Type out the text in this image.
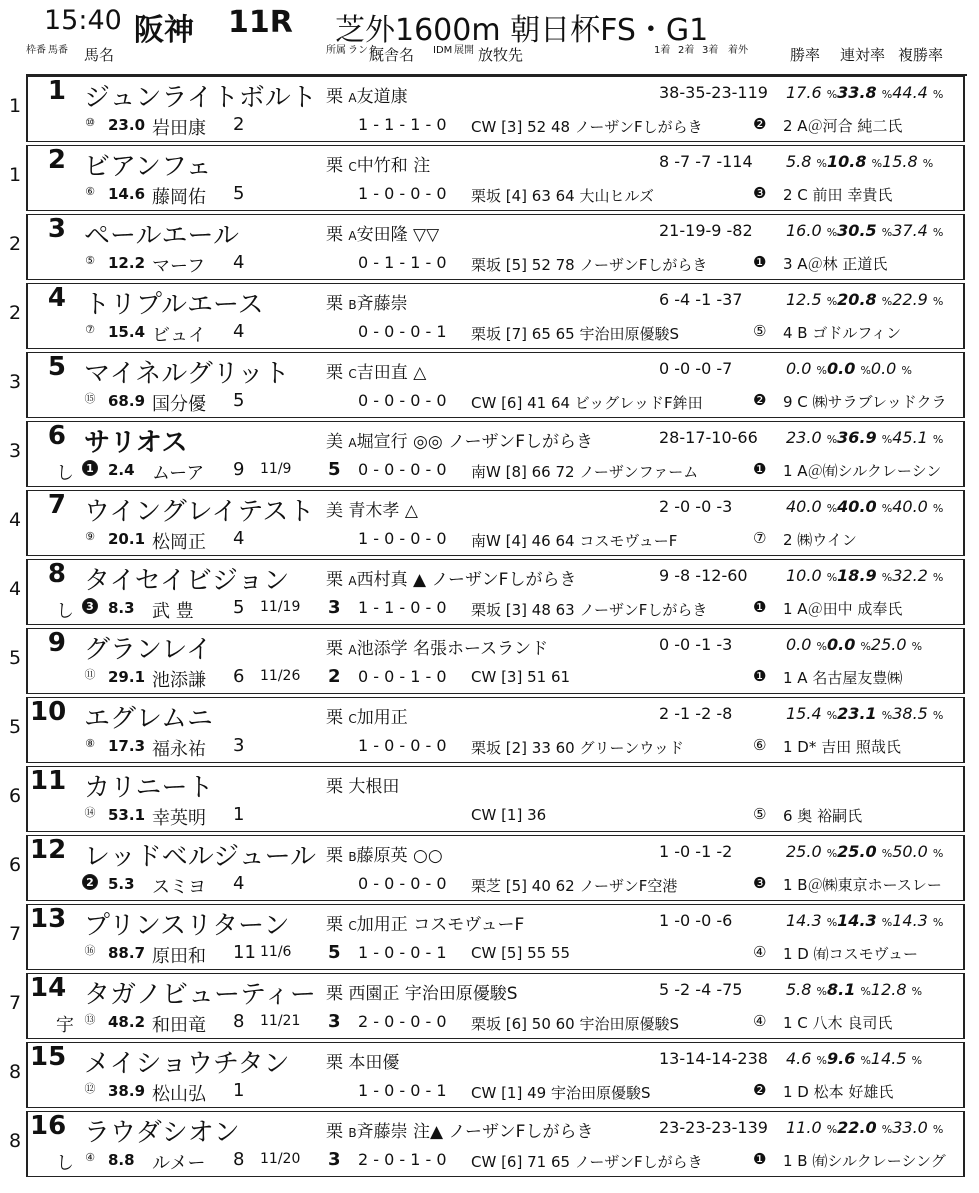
15:40 阪神 11R 芝外1600m 朝日杯FS・G1
枠番 馬番 馬名	所属 ランク
厩舎名 IDM 展開 放牧先	1着 2着 3着 着外	勝率 連対率 複勝率
1	1 ジュンライトボルト 栗 A友道康	38-35-23-119 17.6 %33.8 %44.4 %
⑩ 23.0 岩田康 2	1 - 1 - 1 - 0 CW [3] 52 48 ノーザンFしがらき	❷ 2 A＠河合 純二氏
1	2 ビアンフェ	栗 C中竹和 注	8 -7 -7 -114 5.8 %10.8 %15.8 %
⑥ 14.6 藤岡佑 5	1 - 0 - 0 - 0 栗坂 [4] 63 64 大山ヒルズ	❸ 2 C 前田 幸貴氏
2	3 ペールエール	栗 A安田隆 ▽▽	21-19-9 -82 16.0 %30.5 %37.4 %
⑤ 12.2 マーフ 4	0 - 1 - 1 - 0 栗坂 [5] 52 78 ノーザンFしがらき	❶ 3 A＠林 正道氏
2	4 トリプルエース	栗 B斉藤崇	6 -4 -1 -37	12.5 %20.8 %22.9 %
⑦ 15.4 ビュイ 4	0 - 0 - 0 - 1 栗坂 [7] 65 65 宇治田原優駿S	⑤ 4 B ゴドルフィン
3	5 マイネルグリット 栗 C吉田直 △	0 -0 -0 -7	0.0 %0.0 %0.0 %
⑮ 68.9 国分優 5	0 - 0 - 0 - 0 CW [6] 41 64 ビッグレッドF鉾田	❷ 9 C ㈱サラブレッドクラ
3	6 サリオス	美 A堀宣行 ◎◎ ノーザンFしがらき	28-17-10-66 23.0 %36.9 %45.1 %
し	1 2.4 ムーア 9 11/9 5 0 - 0 - 0 - 0 南W [8] 66 72 ノーザンファーム	❶ 1 A＠㈲シルクレーシン
4	7 ウイングレイテスト 美 青木孝 △	2 -0 -0 -3	40.0 %40.0 %40.0 %
⑨ 20.1 松岡正 4	1 - 0 - 0 - 0 南W [4] 46 64 コスモヴューF	⑦ 2 ㈱ウイン
4	8 タイセイビジョン 栗 A西村真 ▲ ノーザンFしがらき	9 -8 -12-60 10.0 %18.9 %32.2 %
し	3 8.3 武 豊 5 11/19 3 1 - 1 - 0 - 0 栗坂 [3] 48 63 ノーザンFしがらき	❶ 1 A＠田中 成奉氏
5	9 グランレイ	栗 A池添学 名張ホースランド	0 -0 -1 -3	0.0 %0.0 %25.0 %
⑪ 29.1 池添謙 6 11/26 2 0 - 0 - 1 - 0 CW [3] 51 61	❶ 1 A 名古屋友豊㈱
5 10 エグレムニ	栗 C加用正	2 -1 -2 -8	15.4 %23.1 %38.5 %
⑧ 17.3 福永祐 3	1 - 0 - 0 - 0 栗坂 [2] 33 60 グリーンウッド	⑥ 1 D* 吉田 照哉氏
6 11 カリニート	栗 大根田
⑭ 53.1 幸英明 1	CW [1] 36	⑤ 6 奥 裕嗣氏
6 12 レッドベルジュール 栗 B藤原英 ○○	1 -0 -1 -2	25.0 %25.0 %50.0 %
2 5.3 スミヨ 4	0 - 0 - 0 - 0 栗芝 [5] 40 62 ノーザンF空港	❸ 1 B＠㈱東京ホースレー
7 13 プリンスリターン 栗 C加用正 コスモヴューF	1 -0 -0 -6	14.3 %14.3 %14.3 %
⑯ 88.7 原田和 11 11/6 5 1 - 0 - 0 - 1 CW [5] 55 55	④ 1 D ㈲コスモヴュー
7 14 タガノビューティー 栗 西園正 宇治田原優駿S	5 -2 -4 -75	5.8 %8.1 %12.8 %
宇 ⑬ 48.2 和田竜 8 11/21 3 2 - 0 - 0 - 0 栗坂 [6] 50 60 宇治田原優駿S	④ 1 C 八木 良司氏
8 15 メイショウチタン 栗 本田優	13-14-14-238 4.6 %9.6 %14.5 %
⑫ 38.9 松山弘 1	1 - 0 - 0 - 1 CW [1] 49 宇治田原優駿S	❷ 1 D 松本 好雄氏
8 16 ラウダシオン	栗 B斉藤崇 注▲ ノーザンFしがらき	23-23-23-139 11.0 %22.0 %33.0 %
し ④ 8.8 ルメー 8 11/20 3 2 - 0 - 1 - 0 CW [6] 71 65 ノーザンFしがらき	❶ 1 B ㈲シルクレーシング
